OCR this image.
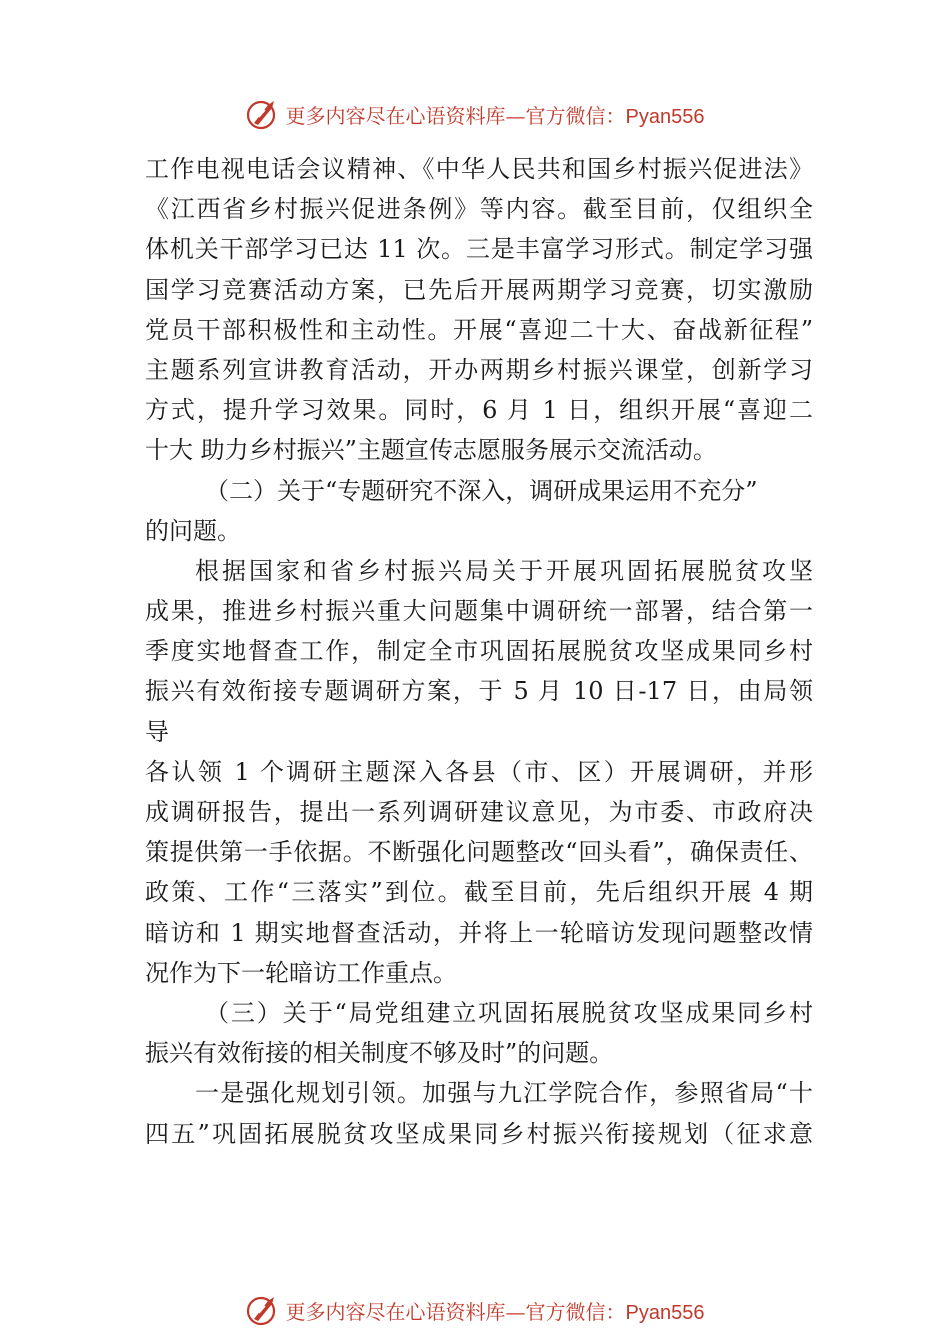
更多内容尽在心语资料库—官方微信：Pyan556
工作电视电话会议精神、《中华人民共和国乡村振兴促进法》
《江西省乡村振兴促进条例》等内容。截至目前，仅组织全
体机关干部学习已达 11 次。三是丰富学习形式。制定学习强
国学习竞赛活动方案，已先后开展两期学习竞赛，切实激励
党员干部积极性和主动性。开展“喜迎二十大、奋战新征程”
主题系列宣讲教育活动，开办两期乡村振兴课堂，创新学习
方式，提升学习效果。同时，6 月 1 日，组织开展“喜迎二
十大 助力乡村振兴”主题宣传志愿服务展示交流活动。
（二）关于“专题研究不深入，调研成果运用不充分”
的问题。
根据国家和省乡村振兴局关于开展巩固拓展脱贫攻坚
成果，推进乡村振兴重大问题集中调研统一部署，结合第一
季度实地督查工作，制定全市巩固拓展脱贫攻坚成果同乡村
振兴有效衔接专题调研方案，于 5 月 10 日-17 日，由局领
导
各认领 1 个调研主题深入各县（市、区）开展调研，并形
成调研报告，提出一系列调研建议意见，为市委、市政府决
策提供第一手依据。不断强化问题整改“回头看”，确保责任、
政策、工作“三落实”到位。截至目前，先后组织开展 4 期
暗访和 1 期实地督查活动，并将上一轮暗访发现问题整改情
况作为下一轮暗访工作重点。
（三）关于“局党组建立巩固拓展脱贫攻坚成果同乡村
振兴有效衔接的相关制度不够及时”的问题。
一是强化规划引领。加强与九江学院合作，参照省局“十
四五”巩固拓展脱贫攻坚成果同乡村振兴衔接规划（征求意
更多内容尽在心语资料库—官方微信：Pyan556
